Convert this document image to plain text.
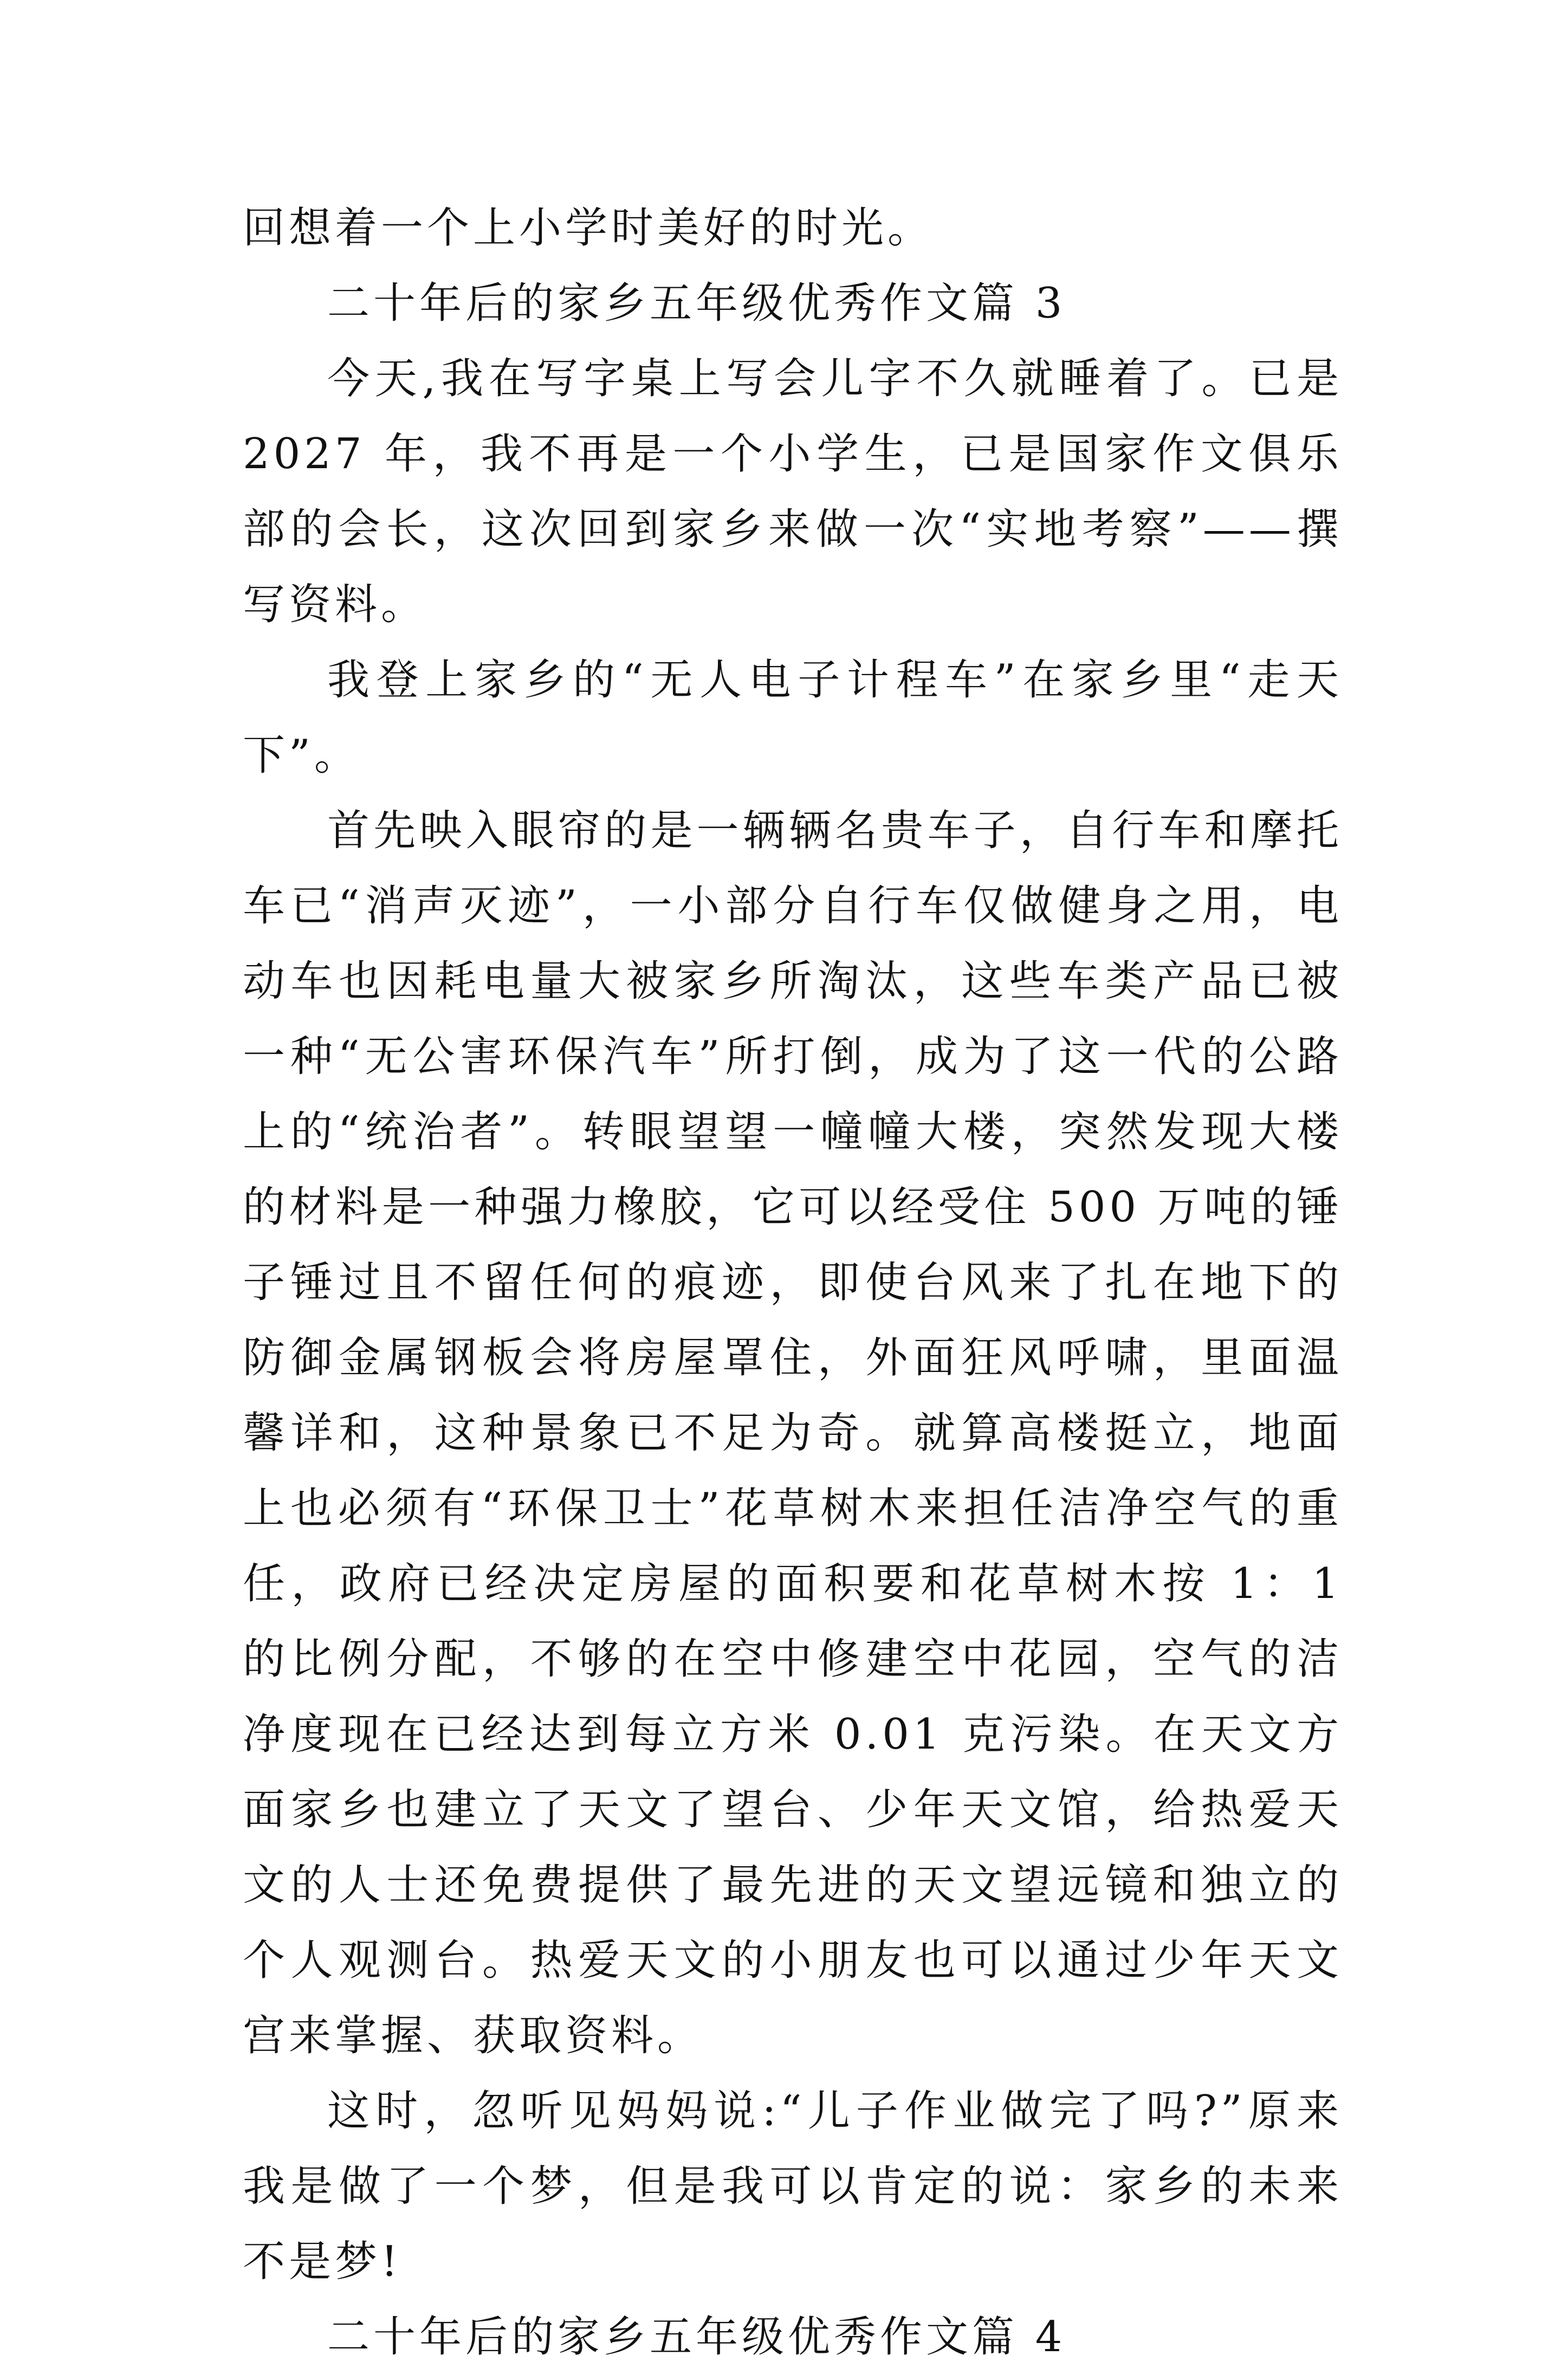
回想着一个上小学时美好的时光。

二十年后的家乡五年级优秀作文篇 3

今天,我在写字桌上写会儿字不久就睡着了。已是 2027 年，我不再是一个小学生，已是国家作文俱乐部的会长，这次回到家乡来做一次“实地考察”——撰写资料。

我登上家乡的“无人电子计程车”在家乡里“走天下”。

首先映入眼帘的是一辆辆名贵车子，自行车和摩托车已“消声灭迹”，一小部分自行车仅做健身之用，电动车也因耗电量大被家乡所淘汰，这些车类产品已被一种“无公害环保汽车”所打倒，成为了这一代的公路上的“统治者”。转眼望望一幢幢大楼，突然发现大楼的材料是一种强力橡胶，它可以经受住 500 万吨的锤子锤过且不留任何的痕迹，即使台风来了扎在地下的防御金属钢板会将房屋罩住，外面狂风呼啸，里面温馨详和，这种景象已不足为奇。就算高楼挺立，地面上也必须有“环保卫士”花草树木来担任洁净空气的重任，政府已经决定房屋的面积要和花草树木按 1：1 的比例分配，不够的在空中修建空中花园，空气的洁净度现在已经达到每立方米 0.01 克污染。在天文方面家乡也建立了天文了望台、少年天文馆，给热爱天文的人士还免费提供了最先进的天文望远镜和独立的个人观测台。热爱天文的小朋友也可以通过少年天文宫来掌握、获取资料。

这时，忽听见妈妈说:“儿子作业做完了吗?”原来我是做了一个梦，但是我可以肯定的说：家乡的未来不是梦!

二十年后的家乡五年级优秀作文篇 4
